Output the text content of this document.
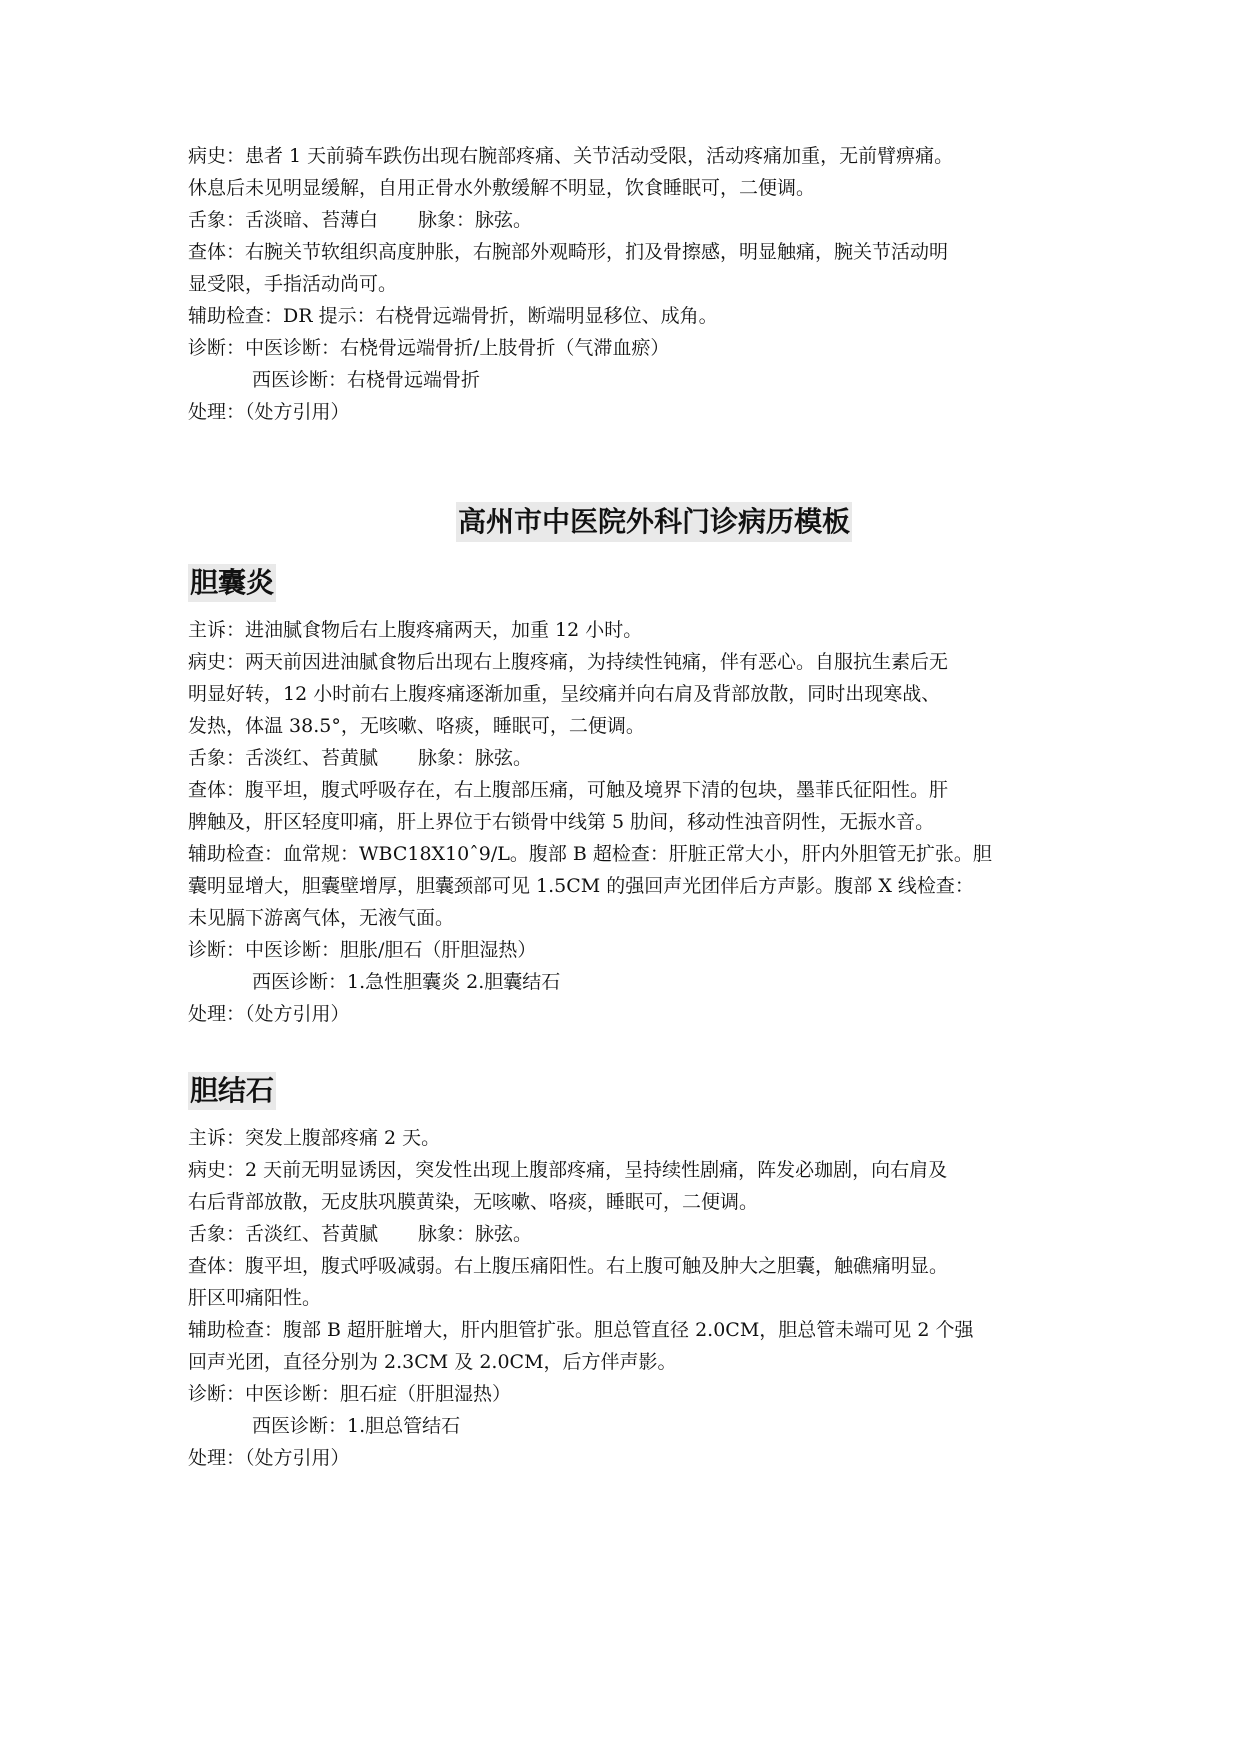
病史：患者 1 天前骑车跌伤出现右腕部疼痛、关节活动受限，活动疼痛加重，无前臂痹痛。
休息后未见明显缓解，自用正骨水外敷缓解不明显，饮食睡眠可，二便调。
舌象：舌淡暗、苔薄白 脉象：脉弦。
查体：右腕关节软组织高度肿胀，右腕部外观畸形，扪及骨擦感，明显触痛，腕关节活动明
显受限，手指活动尚可。
辅助检查：DR 提示：右桡骨远端骨折，断端明显移位、成角。
诊断：中医诊断：右桡骨远端骨折/上肢骨折（气滞血瘀）
西医诊断：右桡骨远端骨折
处理：（处方引用）
高州市中医院外科门诊病历模板
胆囊炎
主诉：进油腻食物后右上腹疼痛两天，加重 12 小时。
病史：两天前因进油腻食物后出现右上腹疼痛，为持续性钝痛，伴有恶心。自服抗生素后无
明显好转，12 小时前右上腹疼痛逐渐加重，呈绞痛并向右肩及背部放散，同时出现寒战、
发热，体温 38.5°，无咳嗽、咯痰，睡眠可，二便调。
舌象：舌淡红、苔黄腻 脉象：脉弦。
查体：腹平坦，腹式呼吸存在，右上腹部压痛，可触及境界下清的包块，墨菲氏征阳性。肝
脾触及，肝区轻度叩痛，肝上界位于右锁骨中线第 5 肋间，移动性浊音阴性，无振水音。
辅助检查：血常规：WBC18X10ˆ9/L。腹部 B 超检查：肝脏正常大小，肝内外胆管无扩张。胆
囊明显增大，胆囊壁增厚，胆囊颈部可见 1.5CM 的强回声光团伴后方声影。腹部 X 线检查：
未见膈下游离气体，无液气面。
诊断：中医诊断：胆胀/胆石（肝胆湿热）
西医诊断：1.急性胆囊炎 2.胆囊结石
处理：（处方引用）
胆结石
主诉：突发上腹部疼痛 2 天。
病史：2 天前无明显诱因，突发性出现上腹部疼痛，呈持续性剧痛，阵发必珈剧，向右肩及
右后背部放散，无皮肤巩膜黄染，无咳嗽、咯痰，睡眠可，二便调。
舌象：舌淡红、苔黄腻 脉象：脉弦。
查体：腹平坦，腹式呼吸减弱。右上腹压痛阳性。右上腹可触及肿大之胆囊，触礁痛明显。
肝区叩痛阳性。
辅助检查：腹部 B 超肝脏增大，肝内胆管扩张。胆总管直径 2.0CM，胆总管未端可见 2 个强
回声光团，直径分别为 2.3CM 及 2.0CM，后方伴声影。
诊断：中医诊断：胆石症（肝胆湿热）
西医诊断：1.胆总管结石
处理：（处方引用）
